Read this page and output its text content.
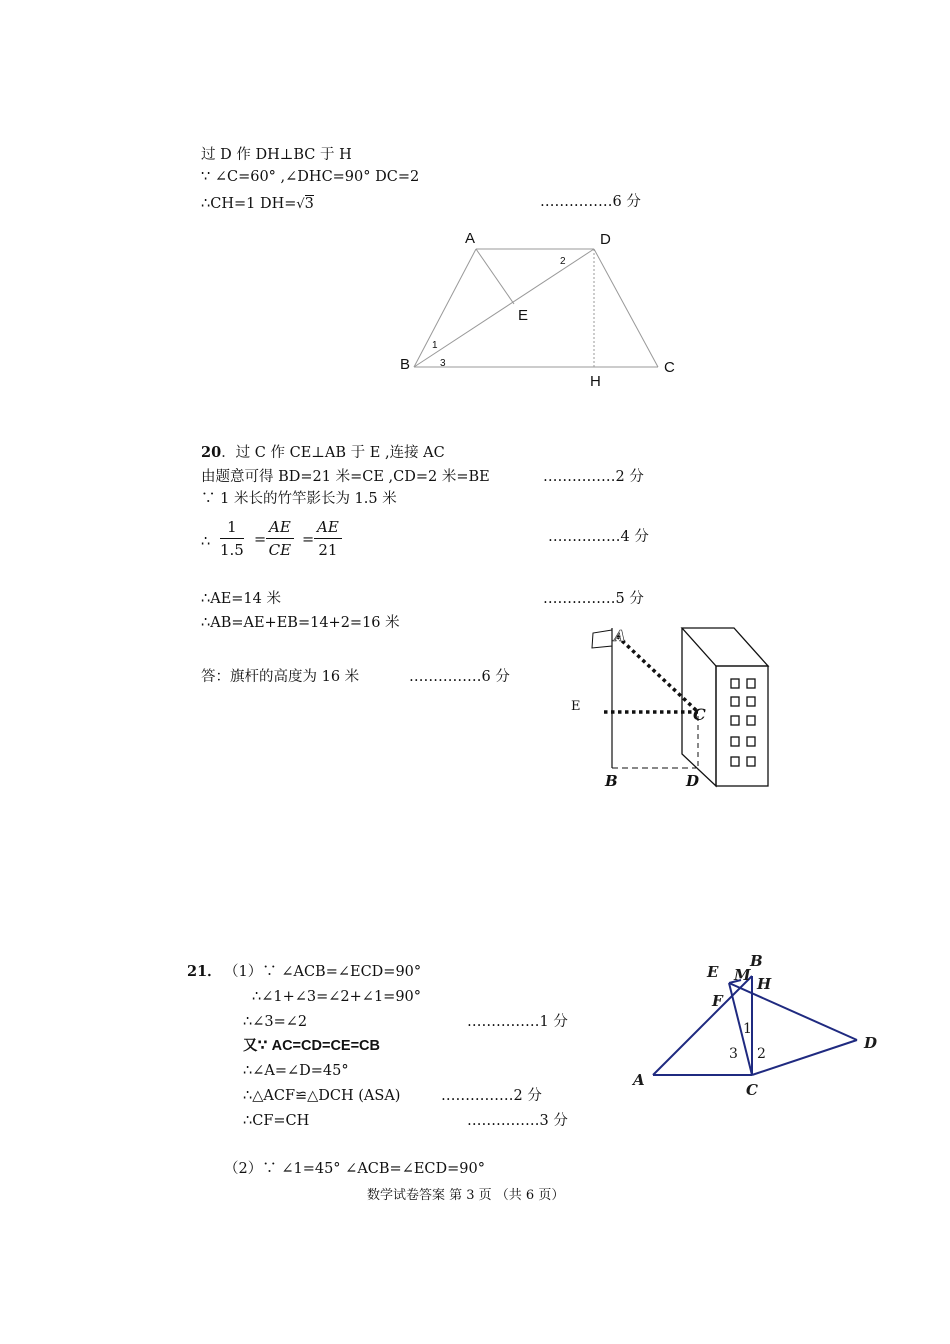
过 D 作 DH⊥BC 于 H
∵ ∠C=60° ,∠DHC=90° DC=2
∴CH=1 DH=√3	……………6 分
A	D
E
B	C
H
2
1
3
20．过 C 作 CE⊥AB 于 E ,连接 AC
由题意可得 BD=21 米=CE ,CD=2 米=BE	……………2 分
∵ 1 米长的竹竿影长为 1.5 米
∴ $\frac{1}{1.5} = \frac{AE}{CE} = \frac{AE}{21}$	……………4 分
∴AE=14 米	……………5 分
∴AB=AE+EB=14+2=16 米
答：旗杆的高度为 16 米	……………6 分
A
C
E
B	D
21． （1）∵ ∠ACB=∠ECD=90°
∴∠1+∠3=∠2+∠1=90°
∴∠3=∠2	……………1 分
又∵ AC=CD=CE=CB
∴∠A=∠D=45°
∴△ACF≌△DCH (ASA)	……………2 分
∴CF=CH	……………3 分
（2）∵ ∠1=45° ∠ACB=∠ECD=90°
B
E M H
F
D
A
C
1
3 2
数学试卷答案 第 3 页 （共 6 页）
